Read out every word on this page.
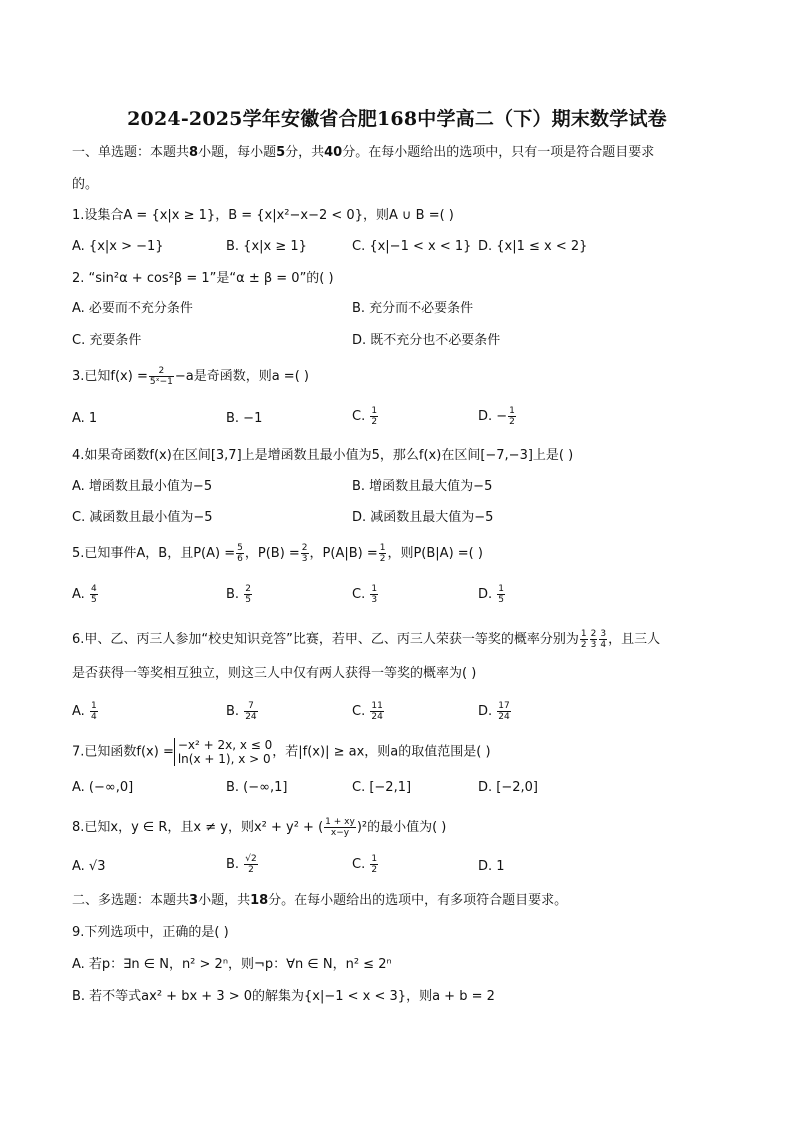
2024-2025学年安徽省合肥168中学高二（下）期末数学试卷
一、单选题：本题共8小题，每小题5分，共40分。在每小题给出的选项中，只有一项是符合题目要求
的。
1.设集合A = {x|x ≥ 1}，B = {x|x²−x−2 < 0}，则A ∪ B =( )
A. {x|x > −1}	B. {x|x ≥ 1}	C. {x|−1 < x < 1} D. {x|1 ≤ x < 2}
2. “sin²α + cos²β = 1”是“α ± β = 0”的( )
A. 必要而不充分条件	B. 充分而不必要条件
C. 充要条件	D. 既不充分也不必要条件
3.已知$f(x) = \frac{2}{\text{5ˣ−1}} -a$是奇函数，则a =( )
A. 1	B. −1	C. $\frac{1}{2}$	D. − $\frac{1}{2}$
4.如果奇函数f(x)在区间[3,7]上是增函数且最小值为5，那么f(x)在区间[−7,−3]上是( )
A. 增函数且最小值为−5	B. 增函数且最大值为−5
C. 减函数且最小值为−5	D. 减函数且最大值为−5
5.已知事件A，B，且$P(A) = \frac{5}{6}$ ，$P(B) = \frac{2}{3}$ ，$P(A|B) = \frac{1}{2}$ ，则P(B|A) =( )
A. $\frac{4}{5}$	B. $\frac{2}{5}$	C. $\frac{1}{3}$	D. $\frac{1}{5}$
6.甲、乙、丙三人参加“校史知识竞答”比赛，若甲、乙、丙三人荣获一等奖的概率分别为 $\frac{1}{2} \frac{2}{3} \frac{3}{4}$ ，且三人
是否获得一等奖相互独立，则这三人中仅有两人获得一等奖的概率为( )
A. $\frac{1}{4}$	B. $\frac{7}{24}$	C. $\frac{11}{24}$	D. $\frac{17}{24}$
7.已知函数f(x) = −x² + 2x, x ≤ 0
ln(x + 1), x > 0 ，若|f(x)| ≥ ax，则a的取值范围是( )
A. (−∞,0]	B. (−∞,1]	C. [−2,1]	D. [−2,0]
8.已知x，y ∈ R，且x ≠ y，则x² + y² + ( $\frac{1 + xy}{x-y} )^2$的最小值为( )
A. √3	B. $\frac{√2}{2}$	C. $\frac{1}{2}$	D. 1
二、多选题：本题共3小题，共18分。在每小题给出的选项中，有多项符合题目要求。
9.下列选项中，正确的是( )
A. 若p：∃n ∈ N，n² > 2ⁿ，则¬p：∀n ∈ N，n² ≤ 2ⁿ
B. 若不等式ax² + bx + 3 > 0的解集为{x|−1 < x < 3}，则a + b = 2
